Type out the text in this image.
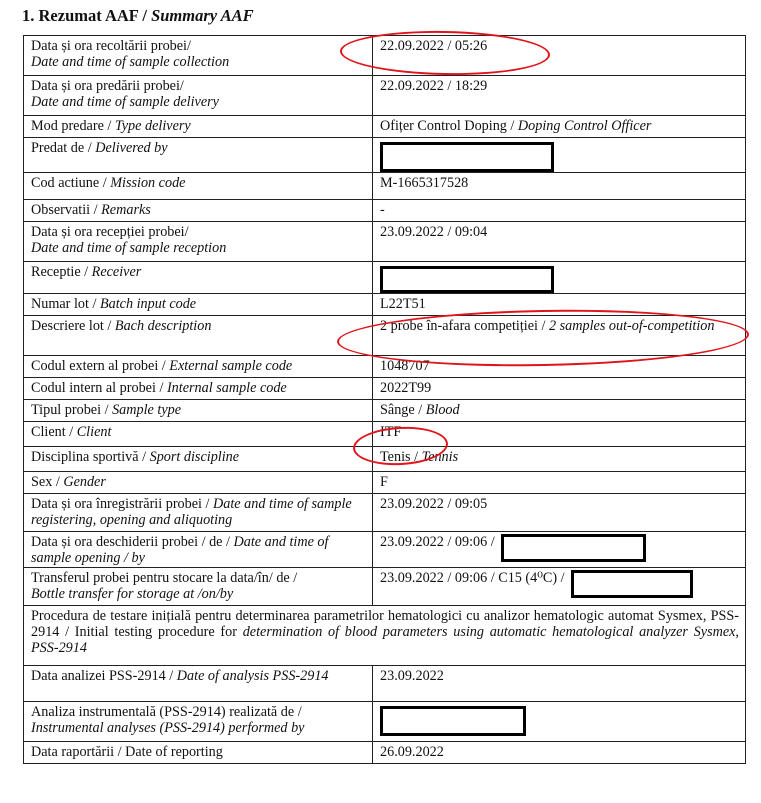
1. Rezumat AAF / Summary AAF
Data și ora recoltării probei/
Date and time of sample collection	22.09.2022 / 05:26
Data și ora predării probei/
Date and time of sample delivery	22.09.2022 / 18:29
Mod predare / Type delivery	Ofițer Control Doping / Doping Control Officer
Predat de / Delivered by	
Cod actiune / Mission code	M-1665317528
Observatii / Remarks	-
Data și ora recepției probei/
Date and time of sample reception	23.09.2022 / 09:04
Receptie / Receiver	
Numar lot / Batch input code	L22T51
Descriere lot / Bach description	2 probe în-afara competiției / 2 samples out-of-competition
Codul extern al probei / External sample code	1048707
Codul intern al probei / Internal sample code	2022T99
Tipul probei / Sample type	Sânge / Blood
Client / Client	ITF
Disciplina sportivă / Sport discipline	Tenis / Tennis
Sex / Gender	F
Data și ora înregistrării probei / Date and time of sample registering, opening and aliquoting	23.09.2022 / 09:05
Data și ora deschiderii probei / de / Date and time of sample opening / by	23.09.2022 / 09:06 /
Transferul probei pentru stocare la data/în/ de /
Bottle transfer for storage at /on/by	23.09.2022 / 09:06 / C15 (4⁰C) /
Procedura de testare inițială pentru determinarea parametrilor hematologici cu analizor hematologic automat Sysmex, PSS-2914 / Initial testing procedure for determination of blood parameters using automatic hematological analyzer Sysmex, PSS-2914	
Data analizei PSS-2914 / Date of analysis PSS-2914	23.09.2022
Analiza instrumentală (PSS-2914) realizată de /
Instrumental analyses (PSS-2914) performed by	
Data raportării / Date of reporting	26.09.2022
